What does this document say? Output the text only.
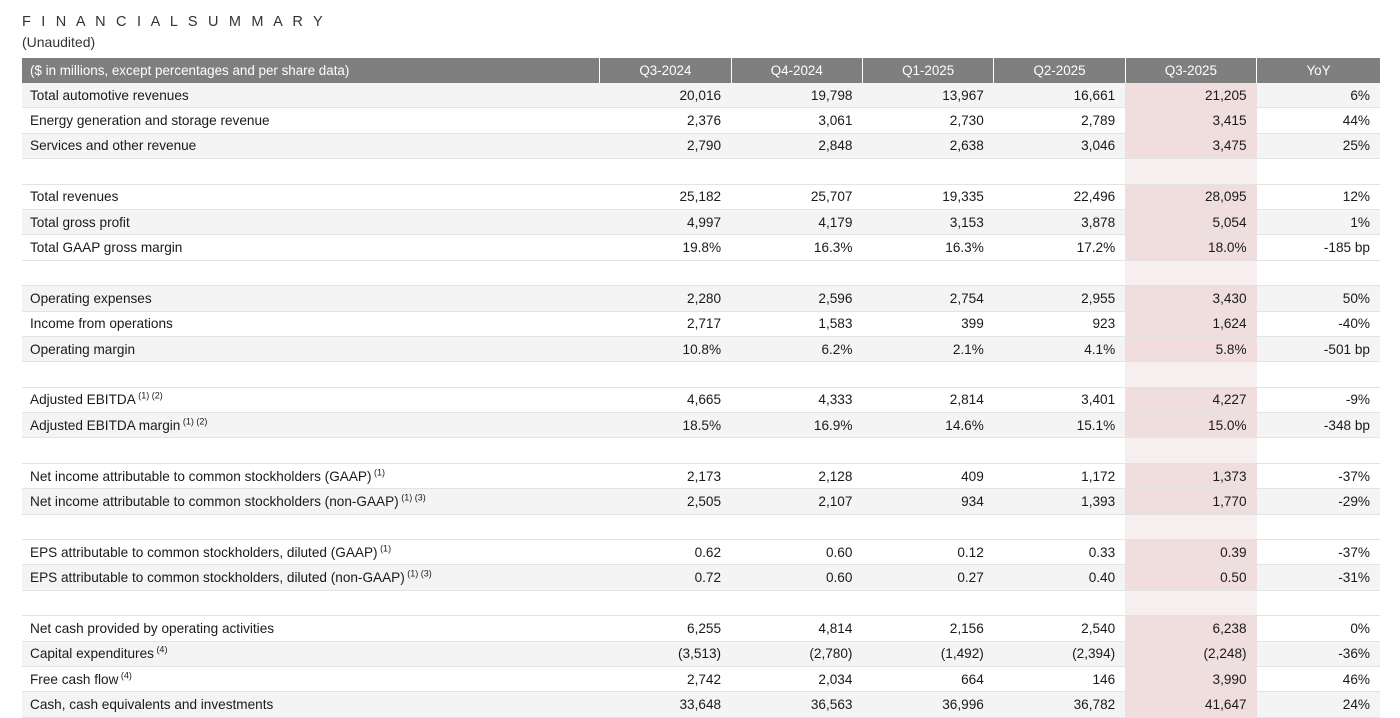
F I N A N C I A L S U M M A R Y
(Unaudited)
($ in millions, except percentages and per share data)	Q3-2024	Q4-2024	Q1-2025	Q2-2025	Q3-2025	YoY
Total automotive revenues	20,016	19,798	13,967	16,661	21,205	6%
Energy generation and storage revenue	2,376	3,061	2,730	2,789	3,415	44%
Services and other revenue	2,790	2,848	2,638	3,046	3,475	25%

Total revenues	25,182	25,707	19,335	22,496	28,095	12%
Total gross profit	4,997	4,179	3,153	3,878	5,054	1%
Total GAAP gross margin	19.8%	16.3%	16.3%	17.2%	18.0%	-185 bp

Operating expenses	2,280	2,596	2,754	2,955	3,430	50%
Income from operations	2,717	1,583	399	923	1,624	-40%
Operating margin	10.8%	6.2%	2.1%	4.1%	5.8%	-501 bp

Adjusted EBITDA $^{(1) (2)}$	4,665	4,333	2,814	3,401	4,227	-9%
Adjusted EBITDA margin $^{(1) (2)}$	18.5%	16.9%	14.6%	15.1%	15.0%	-348 bp

Net income attributable to common stockholders (GAAP) $^{(1)}$	2,173	2,128	409	1,172	1,373	-37%
Net income attributable to common stockholders (non-GAAP) $^{(1) (3)}$	2,505	2,107	934	1,393	1,770	-29%

EPS attributable to common stockholders, diluted (GAAP) $^{(1)}$	0.62	0.60	0.12	0.33	0.39	-37%
EPS attributable to common stockholders, diluted (non-GAAP) $^{(1) (3)}$	0.72	0.60	0.27	0.40	0.50	-31%

Net cash provided by operating activities	6,255	4,814	2,156	2,540	6,238	0%
Capital expenditures $^{(4)}$	(3,513)	(2,780)	(1,492)	(2,394)	(2,248)	-36%
Free cash flow $^{(4)}$	2,742	2,034	664	146	3,990	46%
Cash, cash equivalents and investments	33,648	36,563	36,996	36,782	41,647	24%
